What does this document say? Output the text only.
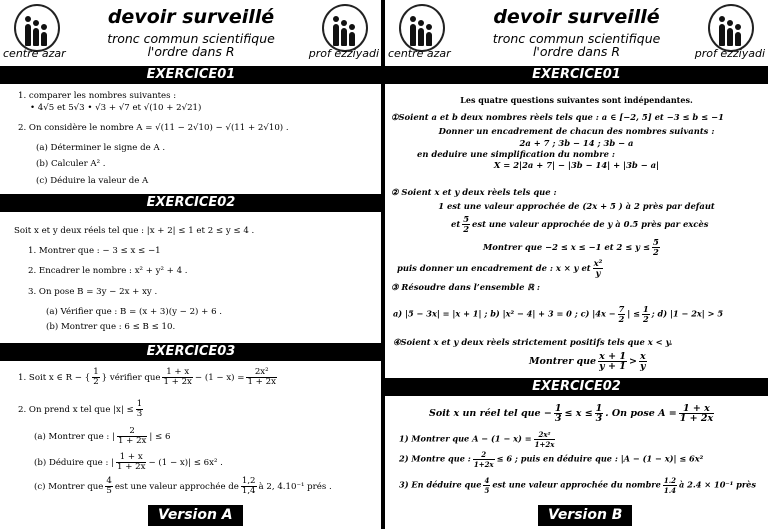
devoir surveillé
tronc commun scientifique
l'ordre dans R
centre azar	prof ezziyadi
EXERCICE01
1. comparer les nombres suivantes :
• 4√5 et 5√3 • √3 + √7 et √(10 + 2√21)
2. On considère le nombre A = √(11 − 2√10) − √(11 + 2√10) .
(a) Déterminer le signe de A .
(b) Calculer A² .
(c) Déduire la valeur de A
EXERCICE02
Soit x et y deux réels tel que : |x + 2| ≤ 1 et 2 ≤ y ≤ 4 .
1. Montrer que : − 3 ≤ x ≤ −1
2. Encadrer le nombre : x² + y² + 4 .
3. On pose B = 3y − 2x + xy .
(a) Vérifier que : B = (x + 3)(y − 2) + 6 .
(b) Montrer que : 6 ≤ B ≤ 10.
EXERCICE03
1. Soit x ∈ R − { $\frac{1}{2}$ } vérifier que $\frac{1 + x}{1 + 2x} - (1 - x) = \frac{\text{2x²}}{1 + 2x}$
2. On prend x tel que $|x| \le \frac{1}{3}$
(a) Montrer que : | $\frac{2}{1 + 2x}$ | ≤ 6
(b) Déduire que : | $\frac{1 + x}{1 + 2x} - (1 - x)| \le 6x^2$ .
(c) Montrer que $\frac{4}{5}$ est une valeur approchée de $\frac{1,2}{1,4}$ à 2, 4.10⁻¹ prés .
Version A
devoir surveillé
tronc commun scientifique
l'ordre dans R
centre azar	prof ezziyadi
EXERCICE01
Les quatre questions suivantes sont indépendantes.
①Soient a et b deux nombres rèels tels que : a ∈ [−2, 5] et −3 ≤ b ≤ −1
Donner un encadrement de chacun des nombres suivants :
2a + 7 ; 3b − 14 ; 3b − a
en deduire une simplification du nombre :
X = 2|2a + 7| − |3b − 14| + |3b − a|
② Soient x et y deux rèels tels que :
1 est une valeur approchée de (2x + 5 ) à 2 près par defaut
et $\frac{5}{2}$ est une valeur approchée de y à 0.5 près par excès
Montrer que −2 ≤ x ≤ −1 et $2 \le y \le \frac{5}{2}$
puis donner un encadrement de : x × y et $\frac{\text{x²}}{y}$
③ Résoudre dans l’ensemble ℝ :
a) |5 − 3x| = |x + 1| ; b) |x² − 4| + 3 = 0 ; c) $|4x - \frac{7}{2}$ | ≤ $\frac{1}{2}$ ; d) |1 − 2x| > 5
④Soient x et y deux rèels strictement positifs tels que x < y.
Montrer que $\frac{x + 1}{y + 1} > \frac{x}{y}$
EXERCICE02
Soit x un réel tel que − $\frac{1}{3} \le x \le \frac{1}{3}$ . On pose $A = \frac{1 + x}{1 + 2x}$
1) Montrer que $A - (1 - x) = \frac{\text{2x²}}{1+2x}$
2) Montre que : $\frac{2}{1+2x} \le 6$ ; puis en déduire que : |A − (1 − x)| ≤ 6x²
3) En déduire que $\frac{4}{5}$ est une valeur approchée du nombre $\frac{1.2}{1.4}$ à 2.4 × 10⁻¹ près
Version B
